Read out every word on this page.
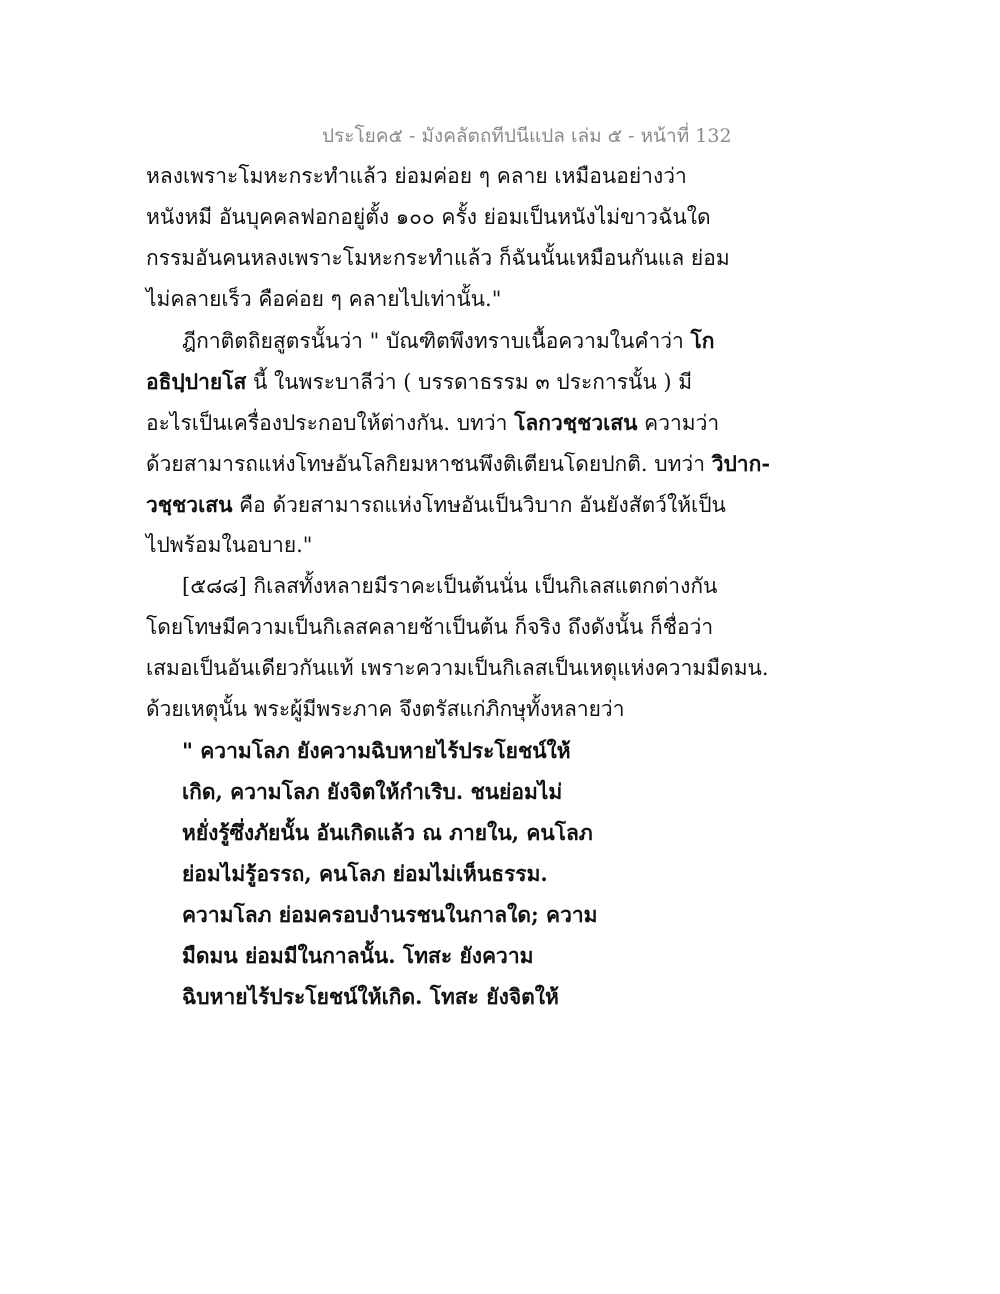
ประโยค๕ - มังคลัตถทีปนีแปล เล่ม ๕ - หน้าที่ 132
หลงเพราะโมหะกระทำแล้ว ย่อมค่อย ๆ คลาย เหมือนอย่างว่า
หนังหมี อันบุคคลฟอกอยู่ตั้ง ๑๐๐ ครั้ง ย่อมเป็นหนังไม่ขาวฉันใด
กรรมอันคนหลงเพราะโมหะกระทำแล้ว ก็ฉันนั้นเหมือนกันแล ย่อม
ไม่คลายเร็ว คือค่อย ๆ คลายไปเท่านั้น."
ฎีกาติตถิยสูตรนั้นว่า " บัณฑิตพึงทราบเนื้อความในคำว่า โก
อธิปฺปายโส นี้ ในพระบาลีว่า ( บรรดาธรรม ๓ ประการนั้น ) มี
อะไรเป็นเครื่องประกอบให้ต่างกัน. บทว่า โลกวชฺชวเสน ความว่า
ด้วยสามารถแห่งโทษอันโลกิยมหาชนพึงติเตียนโดยปกติ. บทว่า วิปาก-
วชฺชวเสน คือ ด้วยสามารถแห่งโทษอันเป็นวิบาก อันยังสัตว์ให้เป็น
ไปพร้อมในอบาย."
[๕๘๘] กิเลสทั้งหลายมีราคะเป็นต้นนั่น เป็นกิเลสแตกต่างกัน
โดยโทษมีความเป็นกิเลสคลายช้าเป็นต้น ก็จริง ถึงดังนั้น ก็ชื่อว่า
เสมอเป็นอันเดียวกันแท้ เพราะความเป็นกิเลสเป็นเหตุแห่งความมืดมน.
ด้วยเหตุนั้น พระผู้มีพระภาค จึงตรัสแก่ภิกษุทั้งหลายว่า
" ความโลภ ยังความฉิบหายไร้ประโยชน์ให้
เกิด, ความโลภ ยังจิตให้กำเริบ. ชนย่อมไม่
หยั่งรู้ซึ่งภัยนั้น อันเกิดแล้ว ณ ภายใน, คนโลภ
ย่อมไม่รู้อรรถ, คนโลภ ย่อมไม่เห็นธรรม.
ความโลภ ย่อมครอบงำนรชนในกาลใด; ความ
มืดมน ย่อมมีในกาลนั้น. โทสะ ยังความ
ฉิบหายไร้ประโยชน์ให้เกิด. โทสะ ยังจิตให้
